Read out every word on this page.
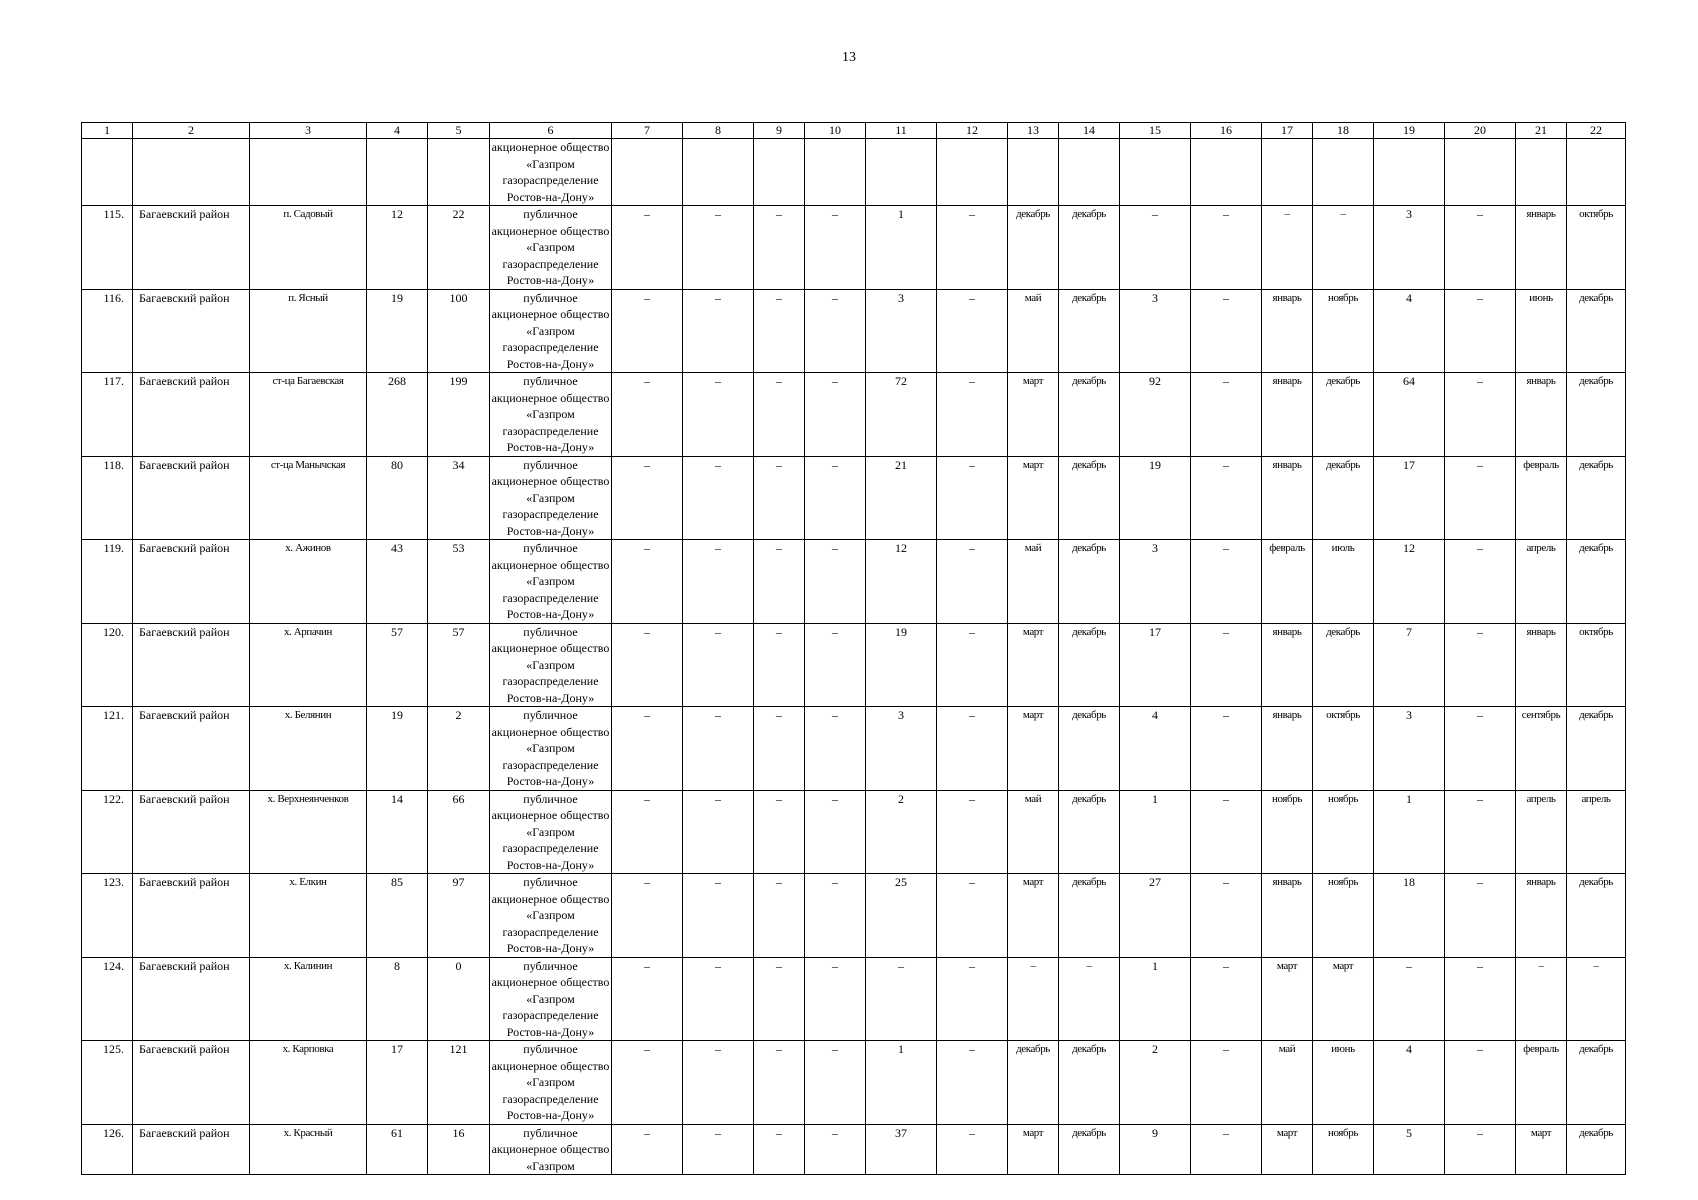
13
1	2	3	4	5	6	7	8	9	10	11	12	13	14	15	16	17	18	19	20	21	22
					акционерное общество «Газпром газораспределение Ростов-на-Дону»																
115.	Багаевский район	п. Садовый	12	22	публичное акционерное общество «Газпром газораспределение Ростов-на-Дону»	–	–	–	–	1	–	декабрь	декабрь	–	–	–	–	3	–	январь	октябрь
116.	Багаевский район	п. Ясный	19	100	публичное акционерное общество «Газпром газораспределение Ростов-на-Дону»	–	–	–	–	3	–	май	декабрь	3	–	январь	ноябрь	4	–	июнь	декабрь
117.	Багаевский район	ст-ца Багаевская	268	199	публичное акционерное общество «Газпром газораспределение Ростов-на-Дону»	–	–	–	–	72	–	март	декабрь	92	–	январь	декабрь	64	–	январь	декабрь
118.	Багаевский район	ст-ца Манычская	80	34	публичное акционерное общество «Газпром газораспределение Ростов-на-Дону»	–	–	–	–	21	–	март	декабрь	19	–	январь	декабрь	17	–	февраль	декабрь
119.	Багаевский район	х. Ажинов	43	53	публичное акционерное общество «Газпром газораспределение Ростов-на-Дону»	–	–	–	–	12	–	май	декабрь	3	–	февраль	июль	12	–	апрель	декабрь
120.	Багаевский район	х. Арпачин	57	57	публичное акционерное общество «Газпром газораспределение Ростов-на-Дону»	–	–	–	–	19	–	март	декабрь	17	–	январь	декабрь	7	–	январь	октябрь
121.	Багаевский район	х. Белянин	19	2	публичное акционерное общество «Газпром газораспределение Ростов-на-Дону»	–	–	–	–	3	–	март	декабрь	4	–	январь	октябрь	3	–	сентябрь	декабрь
122.	Багаевский район	х. Верхнеянченков	14	66	публичное акционерное общество «Газпром газораспределение Ростов-на-Дону»	–	–	–	–	2	–	май	декабрь	1	–	ноябрь	ноябрь	1	–	апрель	апрель
123.	Багаевский район	х. Елкин	85	97	публичное акционерное общество «Газпром газораспределение Ростов-на-Дону»	–	–	–	–	25	–	март	декабрь	27	–	январь	ноябрь	18	–	январь	декабрь
124.	Багаевский район	х. Калинин	8	0	публичное акционерное общество «Газпром газораспределение Ростов-на-Дону»	–	–	–	–	–	–	–	–	1	–	март	март	–	–	–	–
125.	Багаевский район	х. Карповка	17	121	публичное акционерное общество «Газпром газораспределение Ростов-на-Дону»	–	–	–	–	1	–	декабрь	декабрь	2	–	май	июнь	4	–	февраль	декабрь
126.	Багаевский район	х. Красный	61	16	публичное акционерное общество «Газпром	–	–	–	–	37	–	март	декабрь	9	–	март	ноябрь	5	–	март	декабрь
